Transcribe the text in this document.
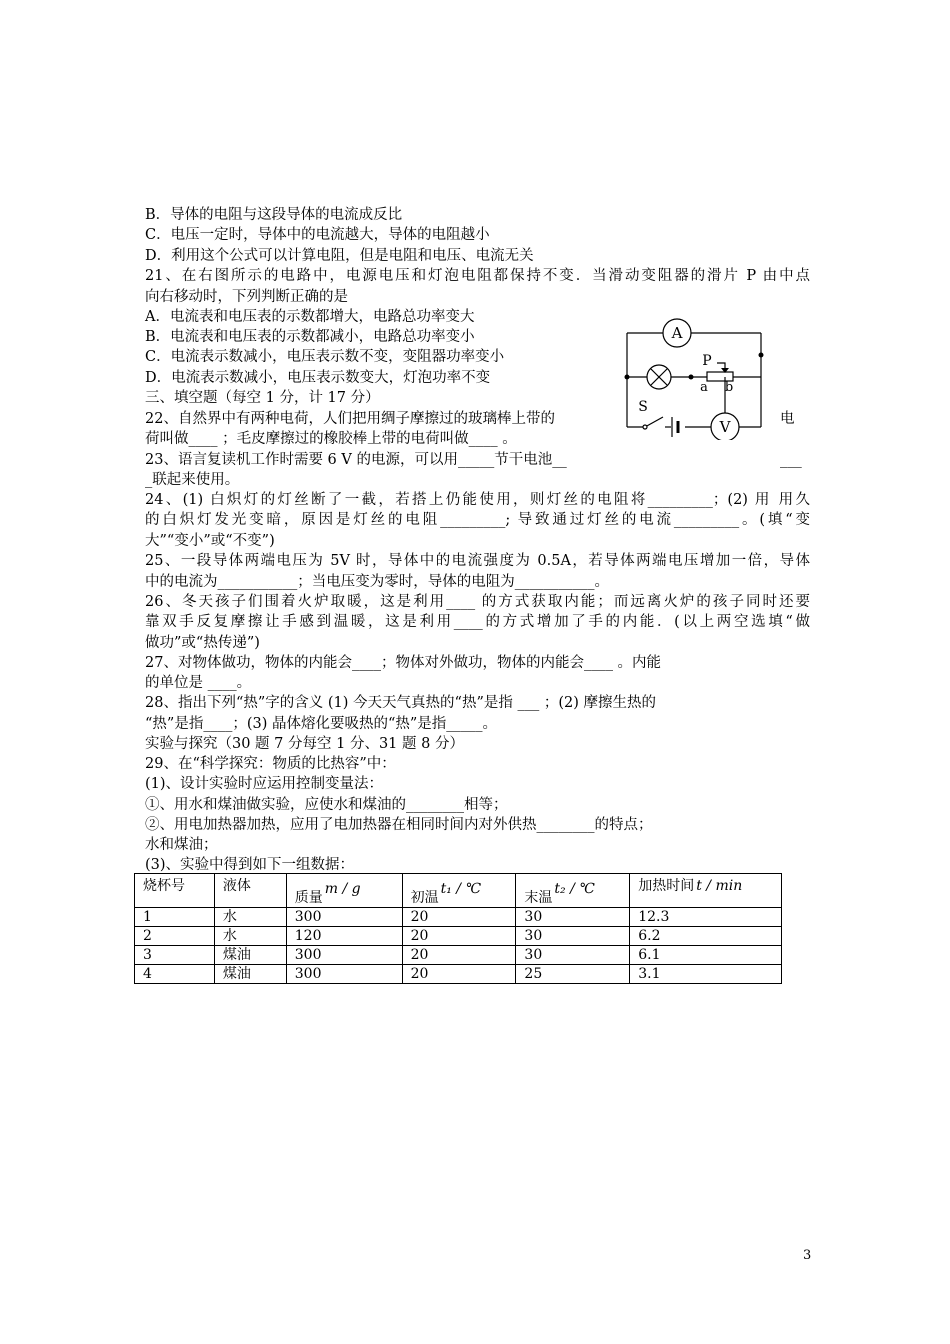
B．导体的电阻与这段导体的电流成反比
C．电压一定时，导体中的电流越大，导体的电阻越小
D．利用这个公式可以计算电阻，但是电阻和电压、电流无关
21、在右图所示的电路中，电源电压和灯泡电阻都保持不变．当滑动变阻器的滑片 P 由中点
向右移动时，下列判断正确的是
A．电流表和电压表的示数都增大，电路总功率变大
B．电流表和电压表的示数都减小，电路总功率变小
C．电流表示数减小，电压表示数不变，变阻器功率变小
D．电流表示数减小，电压表示数变大，灯泡功率不变
三、填空题（每空 1 分，计 17 分）
22、自然界中有两种电荷，人们把用绸子摩擦过的玻璃棒上带的
荷叫做____ ；毛皮摩擦过的橡胶棒上带的电荷叫做____ 。
23、语言复读机工作时需要 6 V 的电源，可以用_____节干电池__
_联起来使用。
24、(1) 白炽灯的灯丝断了一截，若搭上仍能使用，则灯丝的电阻将_________；(2) 用 用久
的白炽灯发光变暗，原因是灯丝的电阻_________; 导致通过灯丝的电流_________。(填“变
大”“变小”或“不变”)
25、一段导体两端电压为 5V 时，导体中的电流强度为 0.5A，若导体两端电压增加一倍，导体
中的电流为___________；当电压变为零时，导体的电阻为___________。
26、冬天孩子们围着火炉取暖，这是利用____ 的方式获取内能；而远离火炉的孩子同时还要
靠双手反复摩擦让手感到温暖，这是利用____的方式增加了手的内能．(以上两空选填“做
做功”或“热传递”)
27、对物体做功，物体的内能会____；物体对外做功，物体的内能会____ 。内能
的单位是 ____。
28、指出下列“热”字的含义 (1) 今天天气真热的“热”是指 ___ ；(2) 摩擦生热的
“热”是指____；(3) 晶体熔化要吸热的“热”是指_____。
实验与探究（30 题 7 分每空 1 分、31 题 8 分）
29、在“科学探究：物质的比热容”中：
(1)、设计实验时应运用控制变量法：
①、用水和煤油做实验，应使水和煤油的________相等；
②、用电加热器加热，应用了电加热器在相同时间内对外供热________的特点；
水和煤油；
(3)、实验中得到如下一组数据：
电
___
A
V
P
a b
S
烧杯号	液体	质量m / g	初温t₁ / ℃	末温t₂ / ℃	加热时间 t / min
1	水	300	20	30	12.3
2	水	120	20	30	6.2
3	煤油	300	20	30	6.1
4	煤油	300	20	25	3.1
3
